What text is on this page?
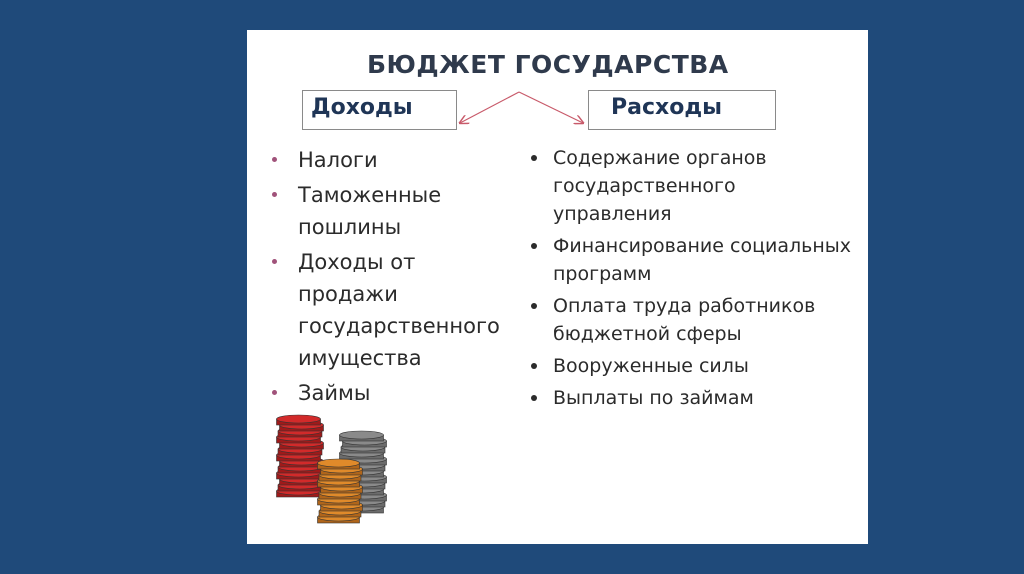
БЮДЖЕТ ГОСУДАРСТВА
Доходы	Расходы
Налоги
Таможенные пошлины
Доходы от продажи государственного имущества
Займы
Содержание органов государственного управления
Финансирование социальных программ
Оплата труда работников бюджетной сферы
Вооруженные силы
Выплаты по займам
